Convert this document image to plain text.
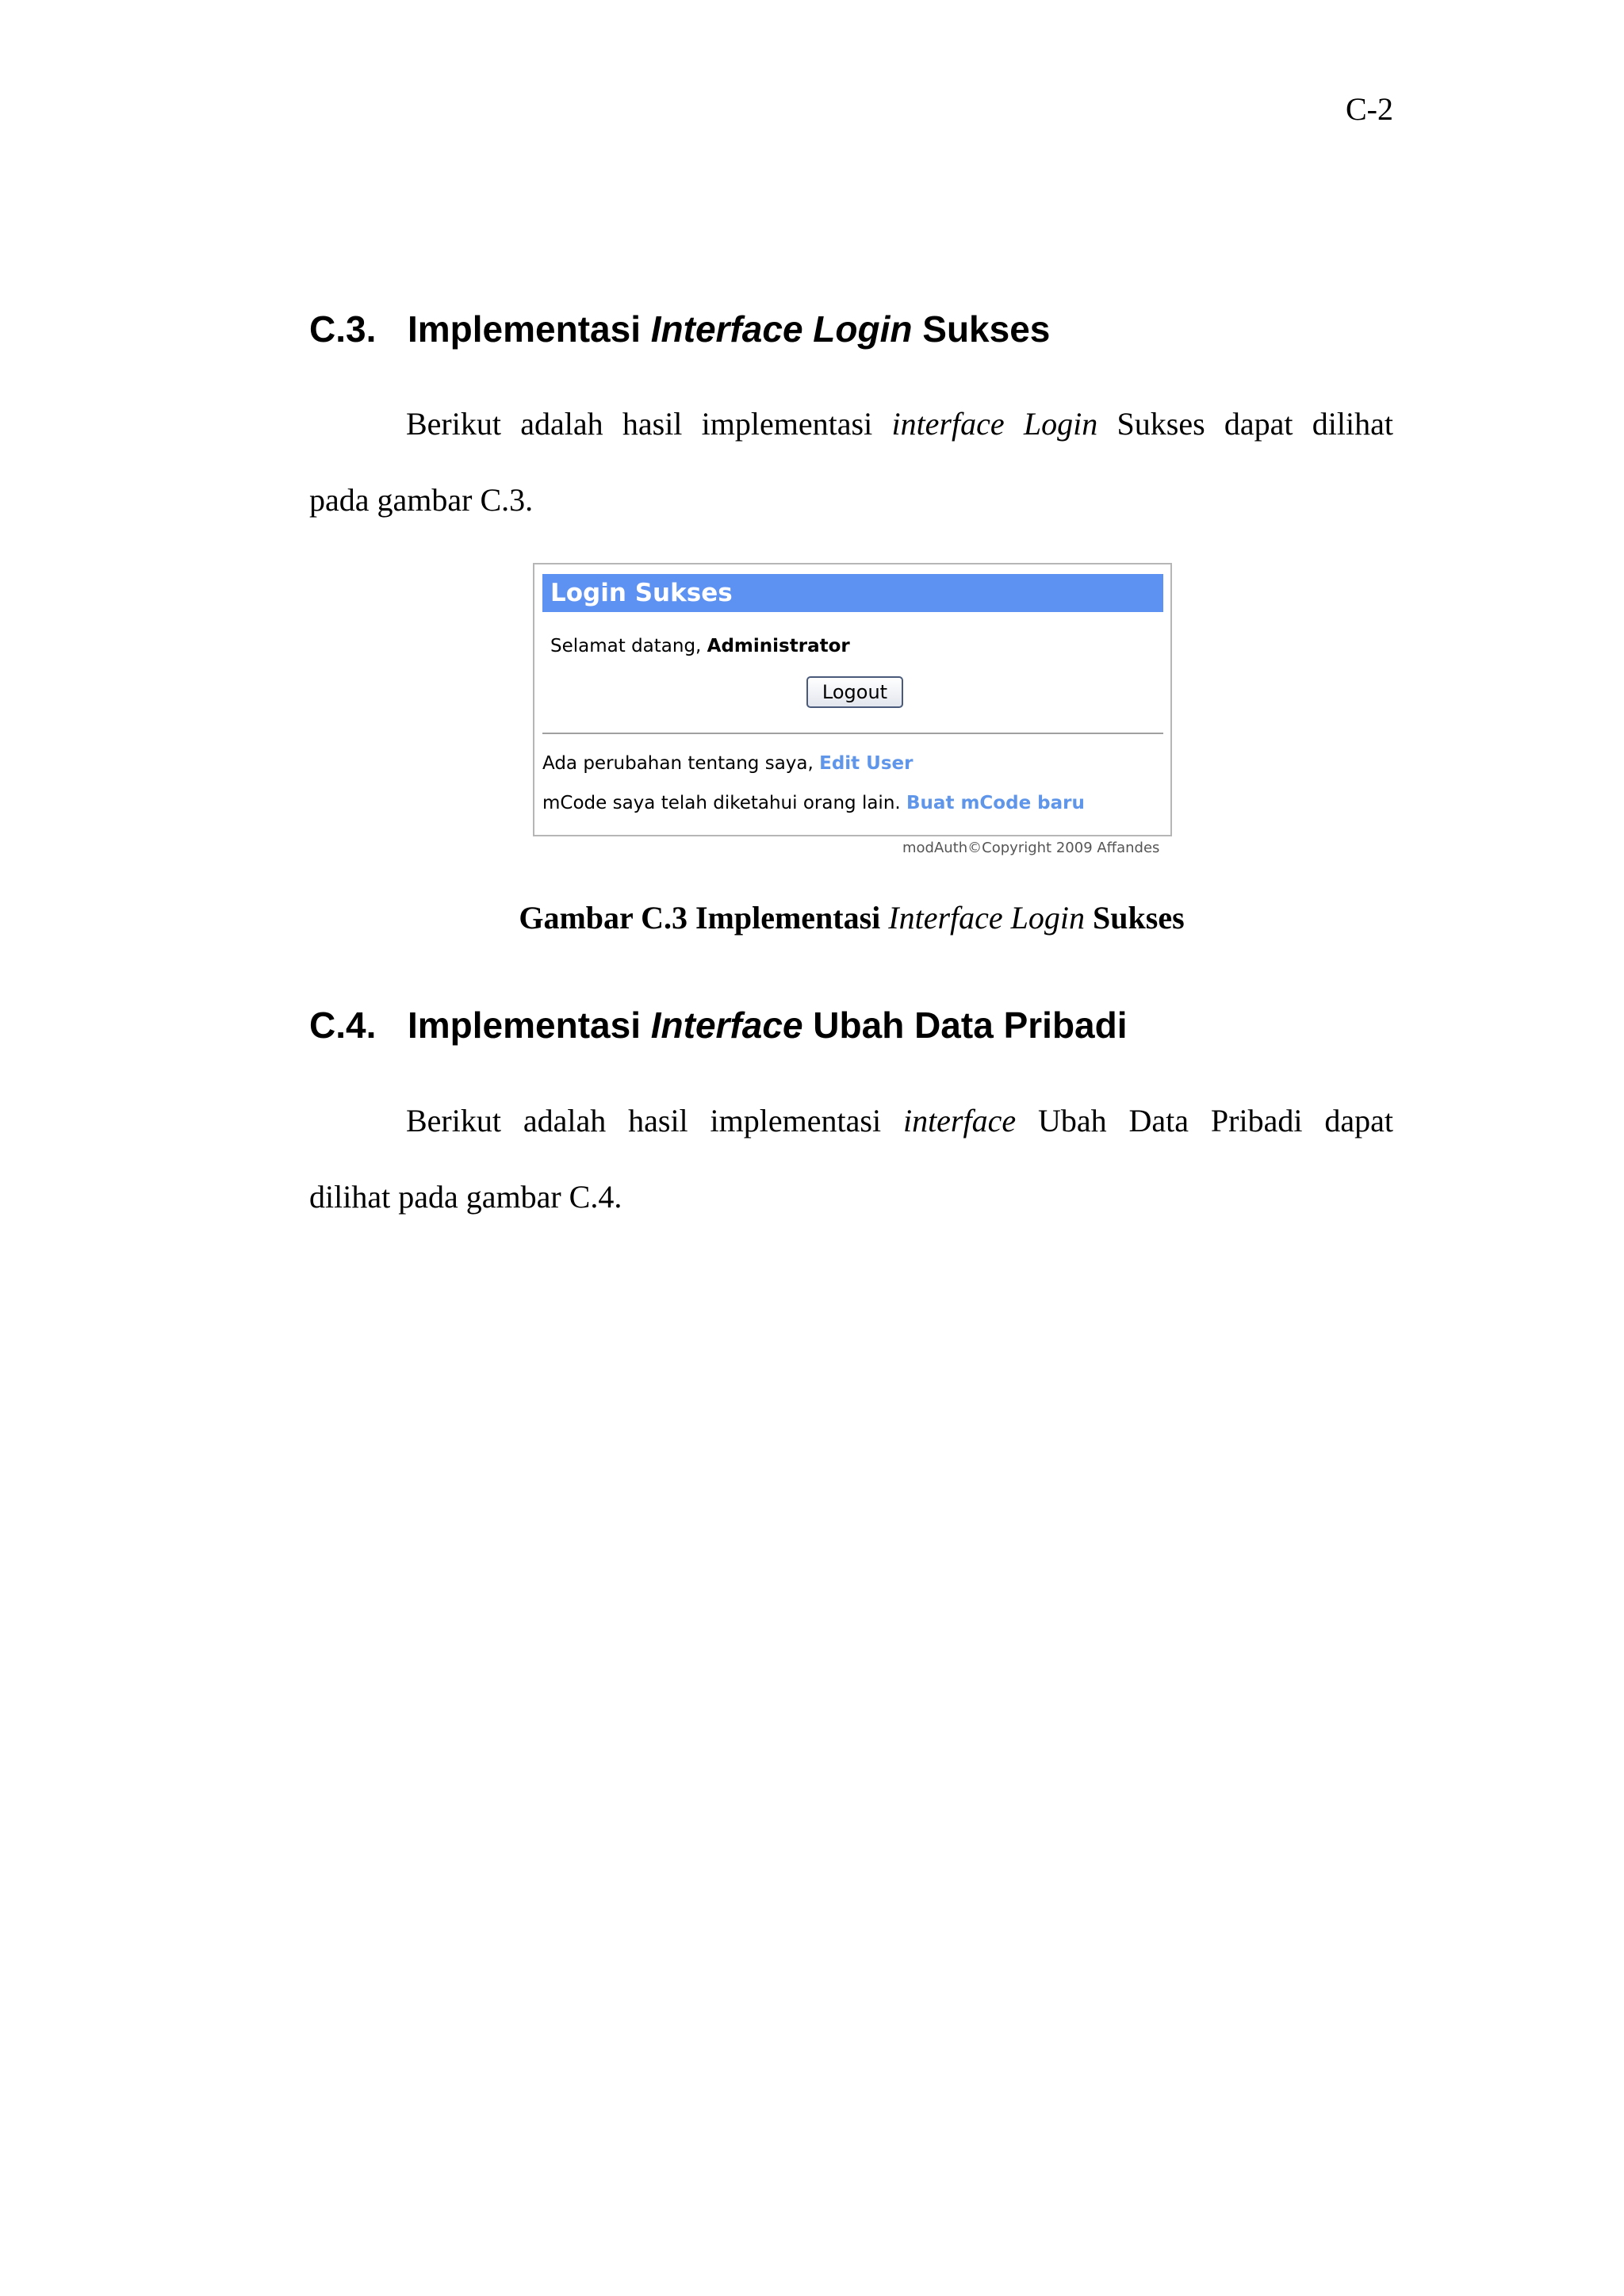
C-2
C.3. Implementasi Interface Login Sukses

Berikut adalah hasil implementasi interface Login Sukses dapat dilihat
pada gambar C.3.

Login Sukses
Selamat datang, Administrator
Logout
Ada perubahan tentang saya, Edit User
mCode saya telah diketahui orang lain. Buat mCode baru
modAuth©Copyright 2009 Affandes
Gambar C.3 Implementasi Interface Login Sukses
C.4. Implementasi Interface Ubah Data Pribadi

Berikut adalah hasil implementasi interface Ubah Data Pribadi dapat
dilihat pada gambar C.4.
